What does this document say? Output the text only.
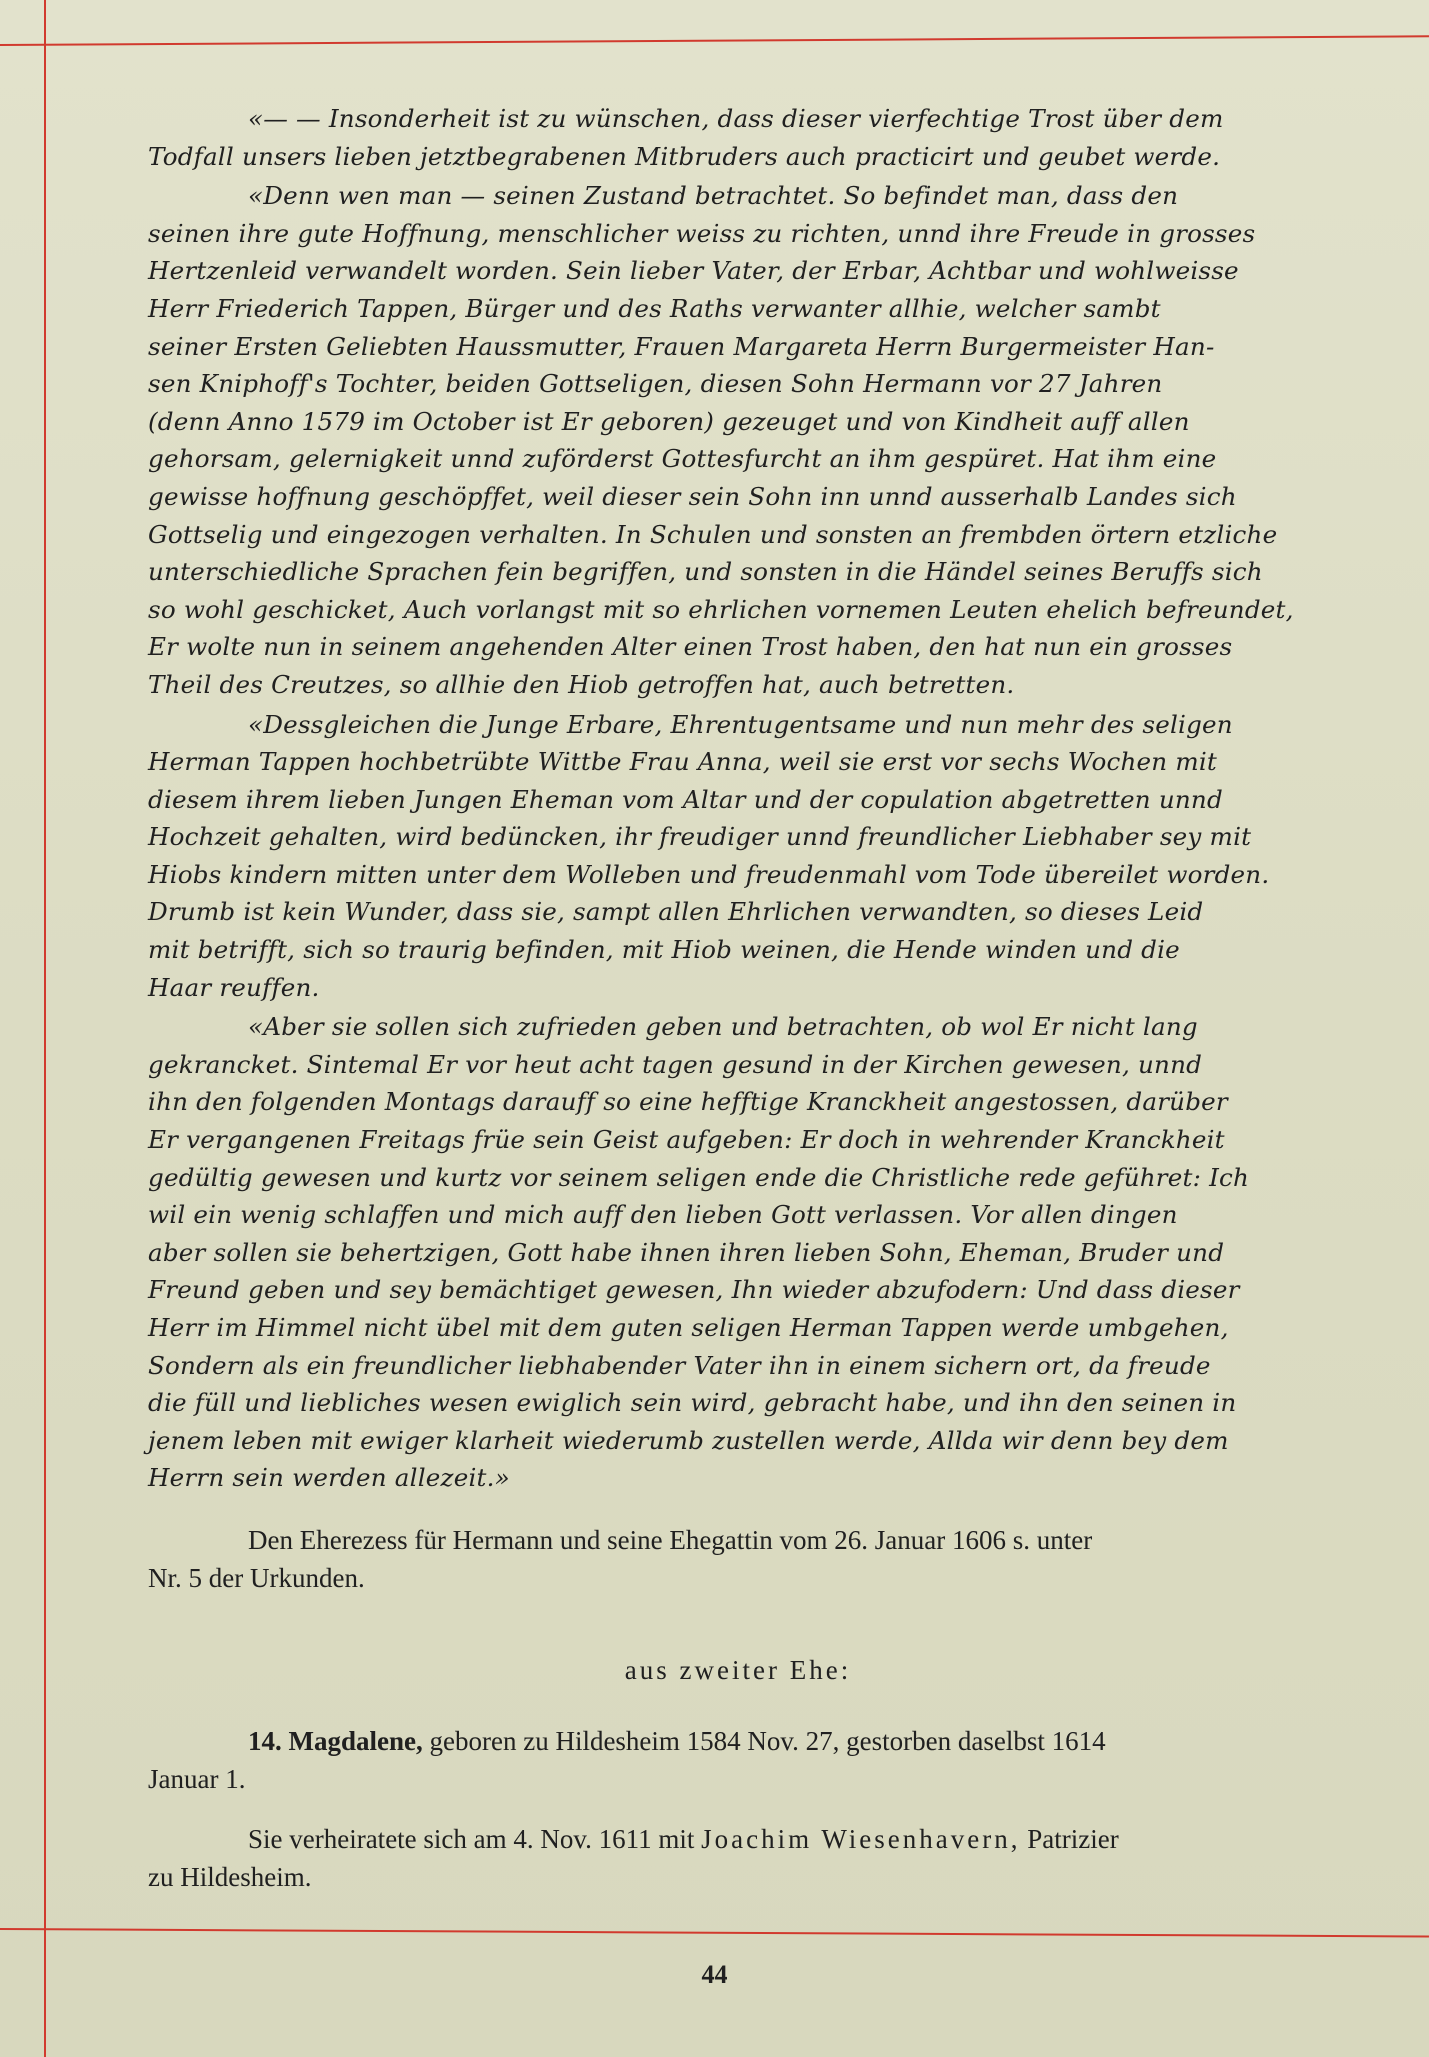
«— — Insonderheit ist zu wünschen, dass dieser vierfechtige Trost über dem
Todfall unsers lieben jetztbegrabenen Mitbruders auch practicirt und geubet werde.
«Denn wen man — seinen Zustand betrachtet. So befindet man, dass den
seinen ihre gute Hoffnung, menschlicher weiss zu richten, unnd ihre Freude in grosses
Hertzenleid verwandelt worden. Sein lieber Vater, der Erbar, Achtbar und wohlweisse
Herr Friederich Tappen, Bürger und des Raths verwanter allhie, welcher sambt
seiner Ersten Geliebten Haussmutter, Frauen Margareta Herrn Burgermeister Han-
sen Kniphoff's Tochter, beiden Gottseligen, diesen Sohn Hermann vor 27 Jahren
(denn Anno 1579 im October ist Er geboren) gezeuget und von Kindheit auff allen
gehorsam, gelernigkeit unnd zuförderst Gottesfurcht an ihm gespüret. Hat ihm eine
gewisse hoffnung geschöpffet, weil dieser sein Sohn inn unnd ausserhalb Landes sich
Gottselig und eingezogen verhalten. In Schulen und sonsten an frembden örtern etzliche
unterschiedliche Sprachen fein begriffen, und sonsten in die Händel seines Beruffs sich
so wohl geschicket, Auch vorlangst mit so ehrlichen vornemen Leuten ehelich befreundet,
Er wolte nun in seinem angehenden Alter einen Trost haben, den hat nun ein grosses
Theil des Creutzes, so allhie den Hiob getroffen hat, auch betretten.
«Dessgleichen die Junge Erbare, Ehrentugentsame und nun mehr des seligen
Herman Tappen hochbetrübte Wittbe Frau Anna, weil sie erst vor sechs Wochen mit
diesem ihrem lieben Jungen Eheman vom Altar und der copulation abgetretten unnd
Hochzeit gehalten, wird bedüncken, ihr freudiger unnd freundlicher Liebhaber sey mit
Hiobs kindern mitten unter dem Wolleben und freudenmahl vom Tode übereilet worden.
Drumb ist kein Wunder, dass sie, sampt allen Ehrlichen verwandten, so dieses Leid
mit betrifft, sich so traurig befinden, mit Hiob weinen, die Hende winden und die
Haar reuffen.
«Aber sie sollen sich zufrieden geben und betrachten, ob wol Er nicht lang
gekrancket. Sintemal Er vor heut acht tagen gesund in der Kirchen gewesen, unnd
ihn den folgenden Montags darauff so eine hefftige Kranckheit angestossen, darüber
Er vergangenen Freitags früe sein Geist aufgeben: Er doch in wehrender Kranckheit
gedültig gewesen und kurtz vor seinem seligen ende die Christliche rede geführet: Ich
wil ein wenig schlaffen und mich auff den lieben Gott verlassen. Vor allen dingen
aber sollen sie behertzigen, Gott habe ihnen ihren lieben Sohn, Eheman, Bruder und
Freund geben und sey bemächtiget gewesen, Ihn wieder abzufodern: Und dass dieser
Herr im Himmel nicht übel mit dem guten seligen Herman Tappen werde umbgehen,
Sondern als ein freundlicher liebhabender Vater ihn in einem sichern ort, da freude
die füll und liebliches wesen ewiglich sein wird, gebracht habe, und ihn den seinen in
jenem leben mit ewiger klarheit wiederumb zustellen werde, Allda wir denn bey dem
Herrn sein werden allezeit.»
Den Eherezess für Hermann und seine Ehegattin vom 26. Januar 1606 s. unter
Nr. 5 der Urkunden.
aus zweiter Ehe:
14. Magdalene, geboren zu Hildesheim 1584 Nov. 27, gestorben daselbst 1614
Januar 1.
Sie verheiratete sich am 4. Nov. 1611 mit Joachim Wiesenhavern, Patrizier
zu Hildesheim.
44
